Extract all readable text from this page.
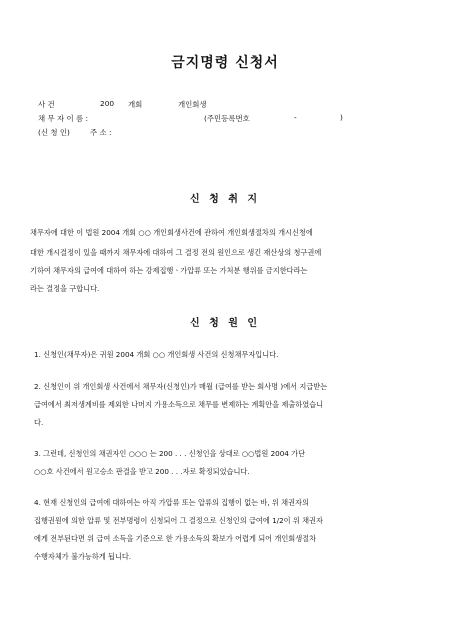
금지명령 신청서
사 건	200 개회	개인회생
채 무 자 이 름 :	(주민등록번호	-	)
(신 청 인)	주 소 :
신 청 취 지
채무자에 대한 이 법원 2004 개회 ○○ 개인회생사건에 관하여 개인회생절차의 개시신청에
대한 개시결정이 있을 때까지 채무자에 대하여 그 결정 전의 원인으로 생긴 재산상의 청구권에
기하여 채무자의 급여에 대하여 하는 강제집행ㆍ가압류 또는 가처분 행위를 금지한다라는
라는 결정을 구합니다.
신 청 원 인
1. 신청인(채무자)은 귀원 2004 개회 ○○ 개인회생 사건의 신청채무자입니다.
2. 신청인이 위 개인회생 사건에서 채무자(신청인)가 매월 (급여를 받는 회사명 )에서 지급받는
급여에서 최저생계비를 제외한 나머지 가용소득으로 채무를 변제하는 계획안을 제출하였습니
다.
3. 그런데, 신청인의 채권자인 ○○○ 는 200 . . . 신청인을 상대로 ○○법원 2004 가단
○○호 사건에서 원고승소 판결을 받고 200 . . .자로 확정되었습니다.
4. 현재 신청인의 급여에 대하여는 아직 가압류 또는 압류의 집행이 없는 바, 위 채권자의
집행권원에 의한 압류 및 전부명령이 신청되어 그 결정으로 신청인의 급여에 1/2이 위 채권자
에게 전부된다면 위 급여 소득을 기준으로 한 가용소득의 확보가 어렵게 되어 개인회생절차
수행자체가 불가능하게 됩니다.
